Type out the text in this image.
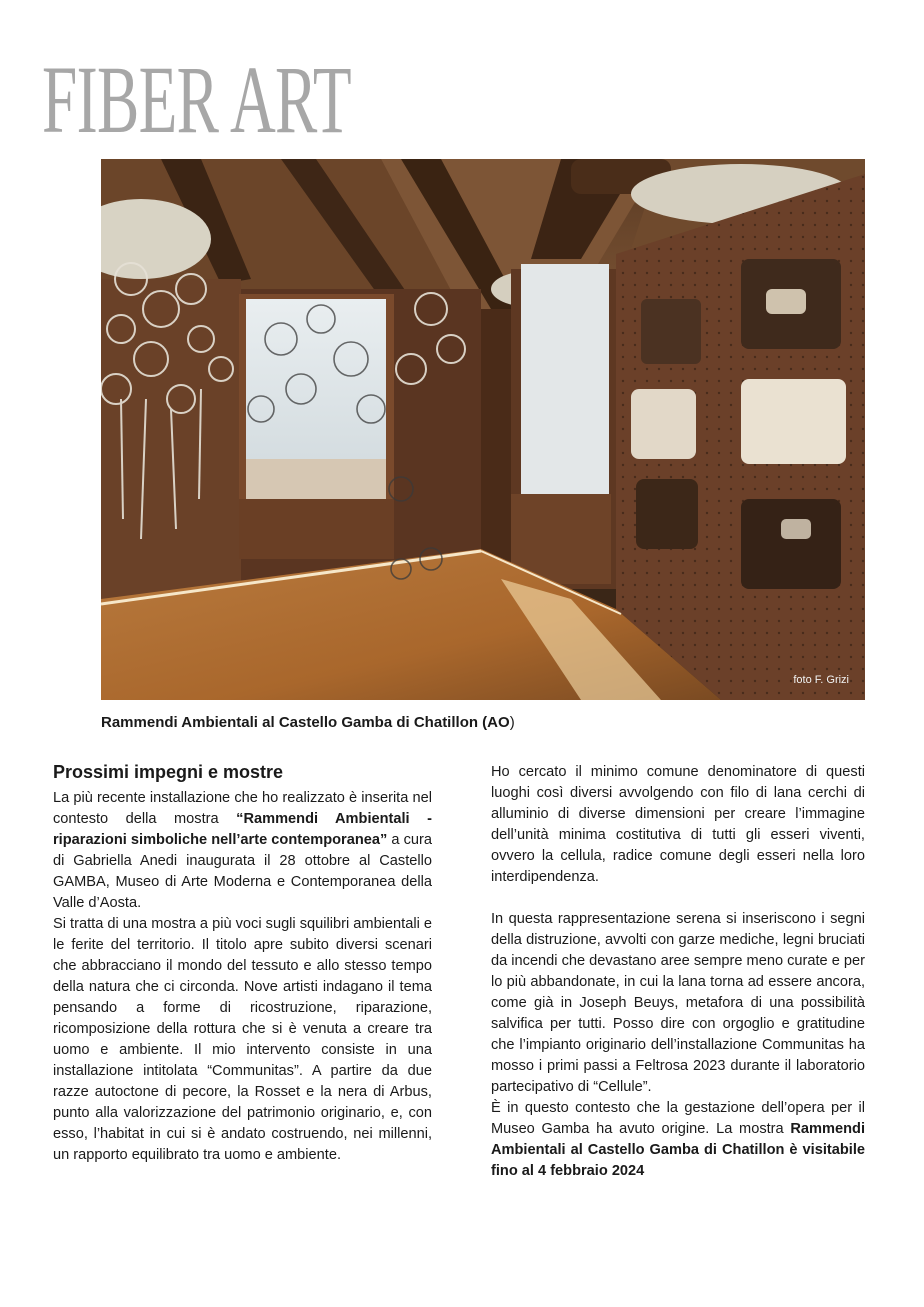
FIBER ART
foto F. Grizi
Rammendi Ambientali al Castello Gamba di Chatillon (AO)
Prossimi impegni e mostre

La più recente installazione che ho realizzato è inserita nel contesto della mostra “Rammendi Ambientali - riparazioni simboliche nell’arte contemporanea” a cura di Gabriella Anedi inaugurata il 28 ottobre al Castello GAMBA, Museo di Arte Moderna e Contemporanea della Valle d’Aosta.

Si tratta di una mostra a più voci sugli squilibri ambientali e le ferite del territorio. Il titolo apre subito diversi scenari che abbracciano il mondo del tessuto e allo stesso tempo della natura che ci circonda. Nove artisti indagano il tema pensando a forme di ricostruzione, riparazione, ricomposizione della rottura che si è venuta a creare tra uomo e ambiente. Il mio intervento consiste in una installazione intitolata “Communitas”. A partire da due razze autoctone di pecore, la Rosset e la nera di Arbus, punto alla valorizzazione del patrimonio originario, e, con esso, l’habitat in cui si è andato costruendo, nei millenni, un rapporto equilibrato tra uomo e ambiente.

Ho cercato il minimo comune denominatore di questi luoghi così diversi avvolgendo con filo di lana cerchi di alluminio di diverse dimensioni per creare l’immagine dell’unità minima costitutiva di tutti gli esseri viventi, ovvero la cellula, radice comune degli esseri nella loro interdipendenza.

In questa rappresentazione serena si inseriscono i segni della distruzione, avvolti con garze mediche, legni bruciati da incendi che devastano aree sempre meno curate e per lo più abbandonate, in cui la lana torna ad essere ancora, come già in Joseph Beuys, metafora di una possibilità salvifica per tutti. Posso dire con orgoglio e gratitudine che l’impianto originario dell’installazione Communitas ha mosso i primi passi a Feltrosa 2023 durante il laboratorio partecipativo di “Cellule”.

È in questo contesto che la gestazione dell’opera per il Museo Gamba ha avuto origine. La mostra Rammendi Ambientali al Castello Gamba di Chatillon è visitabile fino al 4 febbraio 2024
